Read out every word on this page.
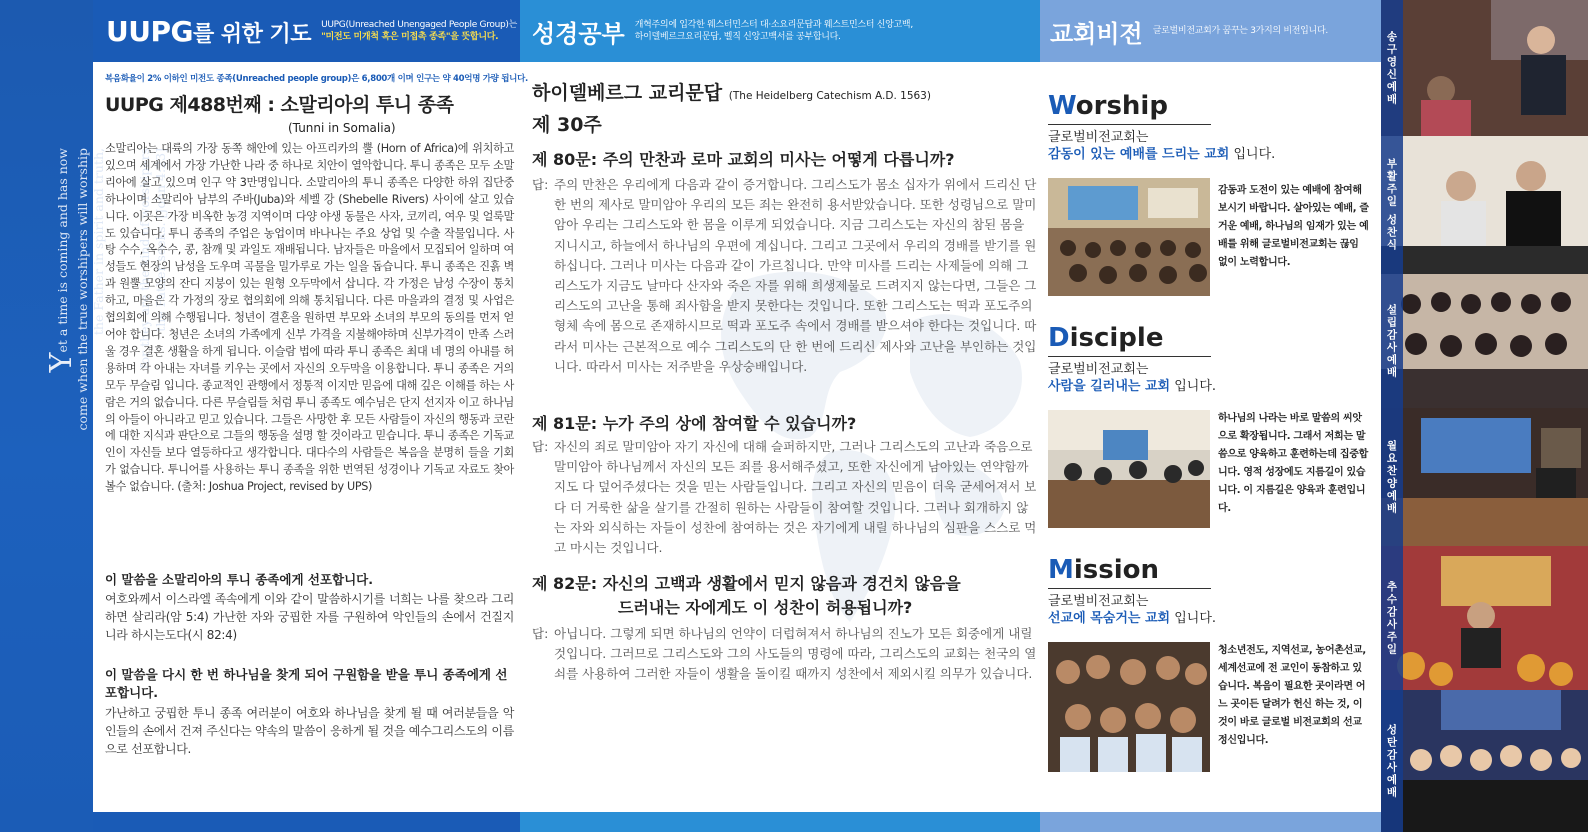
Yet a time is coming and has now come when the true worshipers will worship the Father in spirit and truth, for they are the kind of worshipers the Father seeks. [John 4:23]
UUPG를 위한 기도 UUPG(Unreached Unengaged People Group)는
"미전도 미개척 혹은 미접촉 종족"을 뜻합니다.	성경공부 개혁주의에 입각한 웨스터민스터 대·소요리문답과 웨스트민스터 신앙고백,
하이델베르크요리문답, 벨직 신앙고백서를 공부합니다.	교회비전	글로벌비전교회가 꿈꾸는 3가지의 비전입니다.
복음화율이 2% 이하인 미전도 종족(Unreached people group)은 6,800개 이며 인구는 약 40억명 가량 됩니다.
UUPG 제488번째 : 소말리아의 투니 종족
(Tunni in Somalia)
소말리아는 대륙의 가장 동쪽 해안에 있는 아프리카의 뿔 (Horn of Africa)에 위치하고 있으며 세계에서 가장 가난한 나라 중 하나로 치안이 열악합니다. 투니 종족은 모두 소말리아에 살고 있으며 인구 약 3만명입니다. 소말리아의 투니 종족은 다양한 하위 집단중 하나이며 소말리아 남부의 주바(Juba)와 세벨 강 (Shebelle Rivers) 사이에 살고 있습니다. 이곳은 가장 비옥한 농경 지역이며 다양 야생 동물은 사자, 코끼리, 여우 및 얼룩말도 있습니다. 투니 종족의 주업은 농업이며 바나나는 주요 상업 및 수출 작물입니다. 사탕 수수, 옥수수, 콩, 참깨 및 과일도 재배됩니다. 남자들은 마을에서 모집되어 일하며 여성들도 현장의 남성을 도우며 곡물을 밀가루로 가는 일을 돕습니다. 투니 종족은 진흙 벽과 원뿔 모양의 잔디 지붕이 있는 원형 오두막에서 삽니다. 각 가정은 남성 수장이 통치하고, 마을은 각 가정의 장로 협의회에 의해 통치됩니다. 다른 마을과의 결정 및 사업은 협의회에 의해 수행됩니다. 청년이 결혼을 원하면 부모와 소녀의 부모의 동의를 먼저 얻어야 합니다. 청년은 소녀의 가족에게 신부 가격을 지불해야하며 신부가격이 만족 스러울 경우 결혼 생활을 하게 됩니다. 이슬람 법에 따라 투니 종족은 최대 네 명의 아내를 허용하며 각 아내는 자녀를 키우는 곳에서 자신의 오두막을 이용합니다. 투니 종족은 거의 모두 무슬림 입니다. 종교적인 관행에서 정통적 이지만 믿음에 대해 깊은 이해를 하는 사람은 거의 없습니다. 다른 무슬림들 처럼 투니 종족도 예수님은 단지 선지자 이고 하나님의 아들이 아니라고 믿고 있습니다. 그들은 사망한 후 모든 사람들이 자신의 행동과 코란에 대한 지식과 판단으로 그들의 행동을 설명 할 것이라고 믿습니다. 투니 종족은 기독교인이 자신들 보다 열등하다고 생각합니다. 대다수의 사람들은 복음을 분명히 들을 기회가 없습니다. 투니어를 사용하는 투니 종족을 위한 번역된 성경이나 기독교 자료도 찾아 볼수 없습니다. (출처: Joshua Project, revised by UPS)
이 말씀을 소말리아의 투니 종족에게 선포합니다.
여호와께서 이스라엘 족속에게 이와 같이 말씀하시기를 너희는 나를 찾으라 그리하면 살리라(암 5:4) 가난한 자와 궁핍한 자를 구원하여 악인들의 손에서 건질지니라 하시는도다(시 82:4)
이 말씀을 다시 한 번 하나님을 찾게 되어 구원함을 받을 투니 종족에게 선포합니다.
가난하고 궁핍한 투니 종족 여러분이 여호와 하나님을 찾게 될 때 여러분들을 악인들의 손에서 건져 주신다는 약속의 말씀이 응하게 될 것을 예수그리스도의 이름으로 선포합니다.
하이델베르그 교리문답 (The Heidelberg Catechism A.D. 1563)
제 30주
제 80문: 주의 만찬과 로마 교회의 미사는 어떻게 다릅니까?
답: 주의 만찬은 우리에게 다음과 같이 증거합니다. 그리스도가 몸소 십자가 위에서 드리신 단 한 번의 제사로 말미암아 우리의 모든 죄는 완전히 용서받았습니다. 또한 성령님으로 말미암아 우리는 그리스도와 한 몸을 이루게 되었습니다. 지금 그리스도는 자신의 참된 몸을 지니시고, 하늘에서 하나님의 우편에 계십니다. 그리고 그곳에서 우리의 경배를 받기를 원하십니다. 그러나 미사는 다음과 같이 가르칩니다. 만약 미사를 드리는 사제들에 의해 그리스도가 지금도 날마다 산자와 죽은 자를 위해 희생제물로 드려지지 않는다면, 그들은 그리스도의 고난을 통해 죄사함을 받지 못한다는 것입니다. 또한 그리스도는 떡과 포도주의 형체 속에 몸으로 존재하시므로 떡과 포도주 속에서 경배를 받으셔야 한다는 것입니다. 따라서 미사는 근본적으로 예수 그리스도의 단 한 번에 드리신 제사와 고난을 부인하는 것입니다. 따라서 미사는 저주받을 우상숭배입니다.
제 81문: 누가 주의 상에 참여할 수 있습니까?
답: 자신의 죄로 말미암아 자기 자신에 대해 슬퍼하지만, 그러나 그리스도의 고난과 죽음으로 말미암아 하나님께서 자신의 모든 죄를 용서해주셨고, 또한 자신에게 남아있는 연약함까지도 다 덮어주셨다는 것을 믿는 사람들입니다. 그리고 자신의 믿음이 더욱 굳세어져서 보다 더 거룩한 삶을 살기를 간절히 원하는 사람들이 참여할 것입니다. 그러나 회개하지 않는 자와 외식하는 자들이 성찬에 참여하는 것은 자기에게 내릴 하나님의 심판을 스스로 먹고 마시는 것입니다.
제 82문: 자신의 고백과 생활에서 믿지 않음과 경건치 않음을
드러내는 자에게도 이 성찬이 허용됩니까?
답: 아닙니다. 그렇게 되면 하나님의 언약이 더럽혀져서 하나님의 진노가 모든 회중에게 내릴 것입니다. 그러므로 그리스도와 그의 사도들의 명령에 따라, 그리스도의 교회는 천국의 열쇠를 사용하여 그러한 자들이 생활을 돌이킬 때까지 성찬에서 제외시킬 의무가 있습니다.
Worship
글로벌비전교회는
감동이 있는 예배를 드리는 교회 입니다.
감동과 도전이 있는 예배에 참여해보시기 바랍니다. 살아있는 예배, 즐거운 예배, 하나님의 임재가 있는 예배를 위해 글로벌비전교회는 끊임 없이 노력합니다.
Disciple
글로벌비전교회는
사람을 길러내는 교회 입니다.
하나님의 나라는 바로 말씀의 씨앗으로 확장됩니다. 그래서 저희는 말씀으로 양육하고 훈련하는데 집중합니다. 영적 성장에도 지름길이 있습니다. 이 지름길은 양육과 훈련입니다.
Mission
글로벌비전교회는
선교에 목숨거는 교회 입니다.
청소년전도, 지역선교, 농어촌선교, 세계선교에 전 교인이 동참하고 있습니다. 복음이 필요한 곳이라면 어느 곳이든 달려가 헌신 하는 것, 이것이 바로 글로벌 비전교회의 선교정신입니다.
송구영신예배
부활주일 성찬식
설립감사예배
월요찬양예배
추수감사주일
성탄감사예배
